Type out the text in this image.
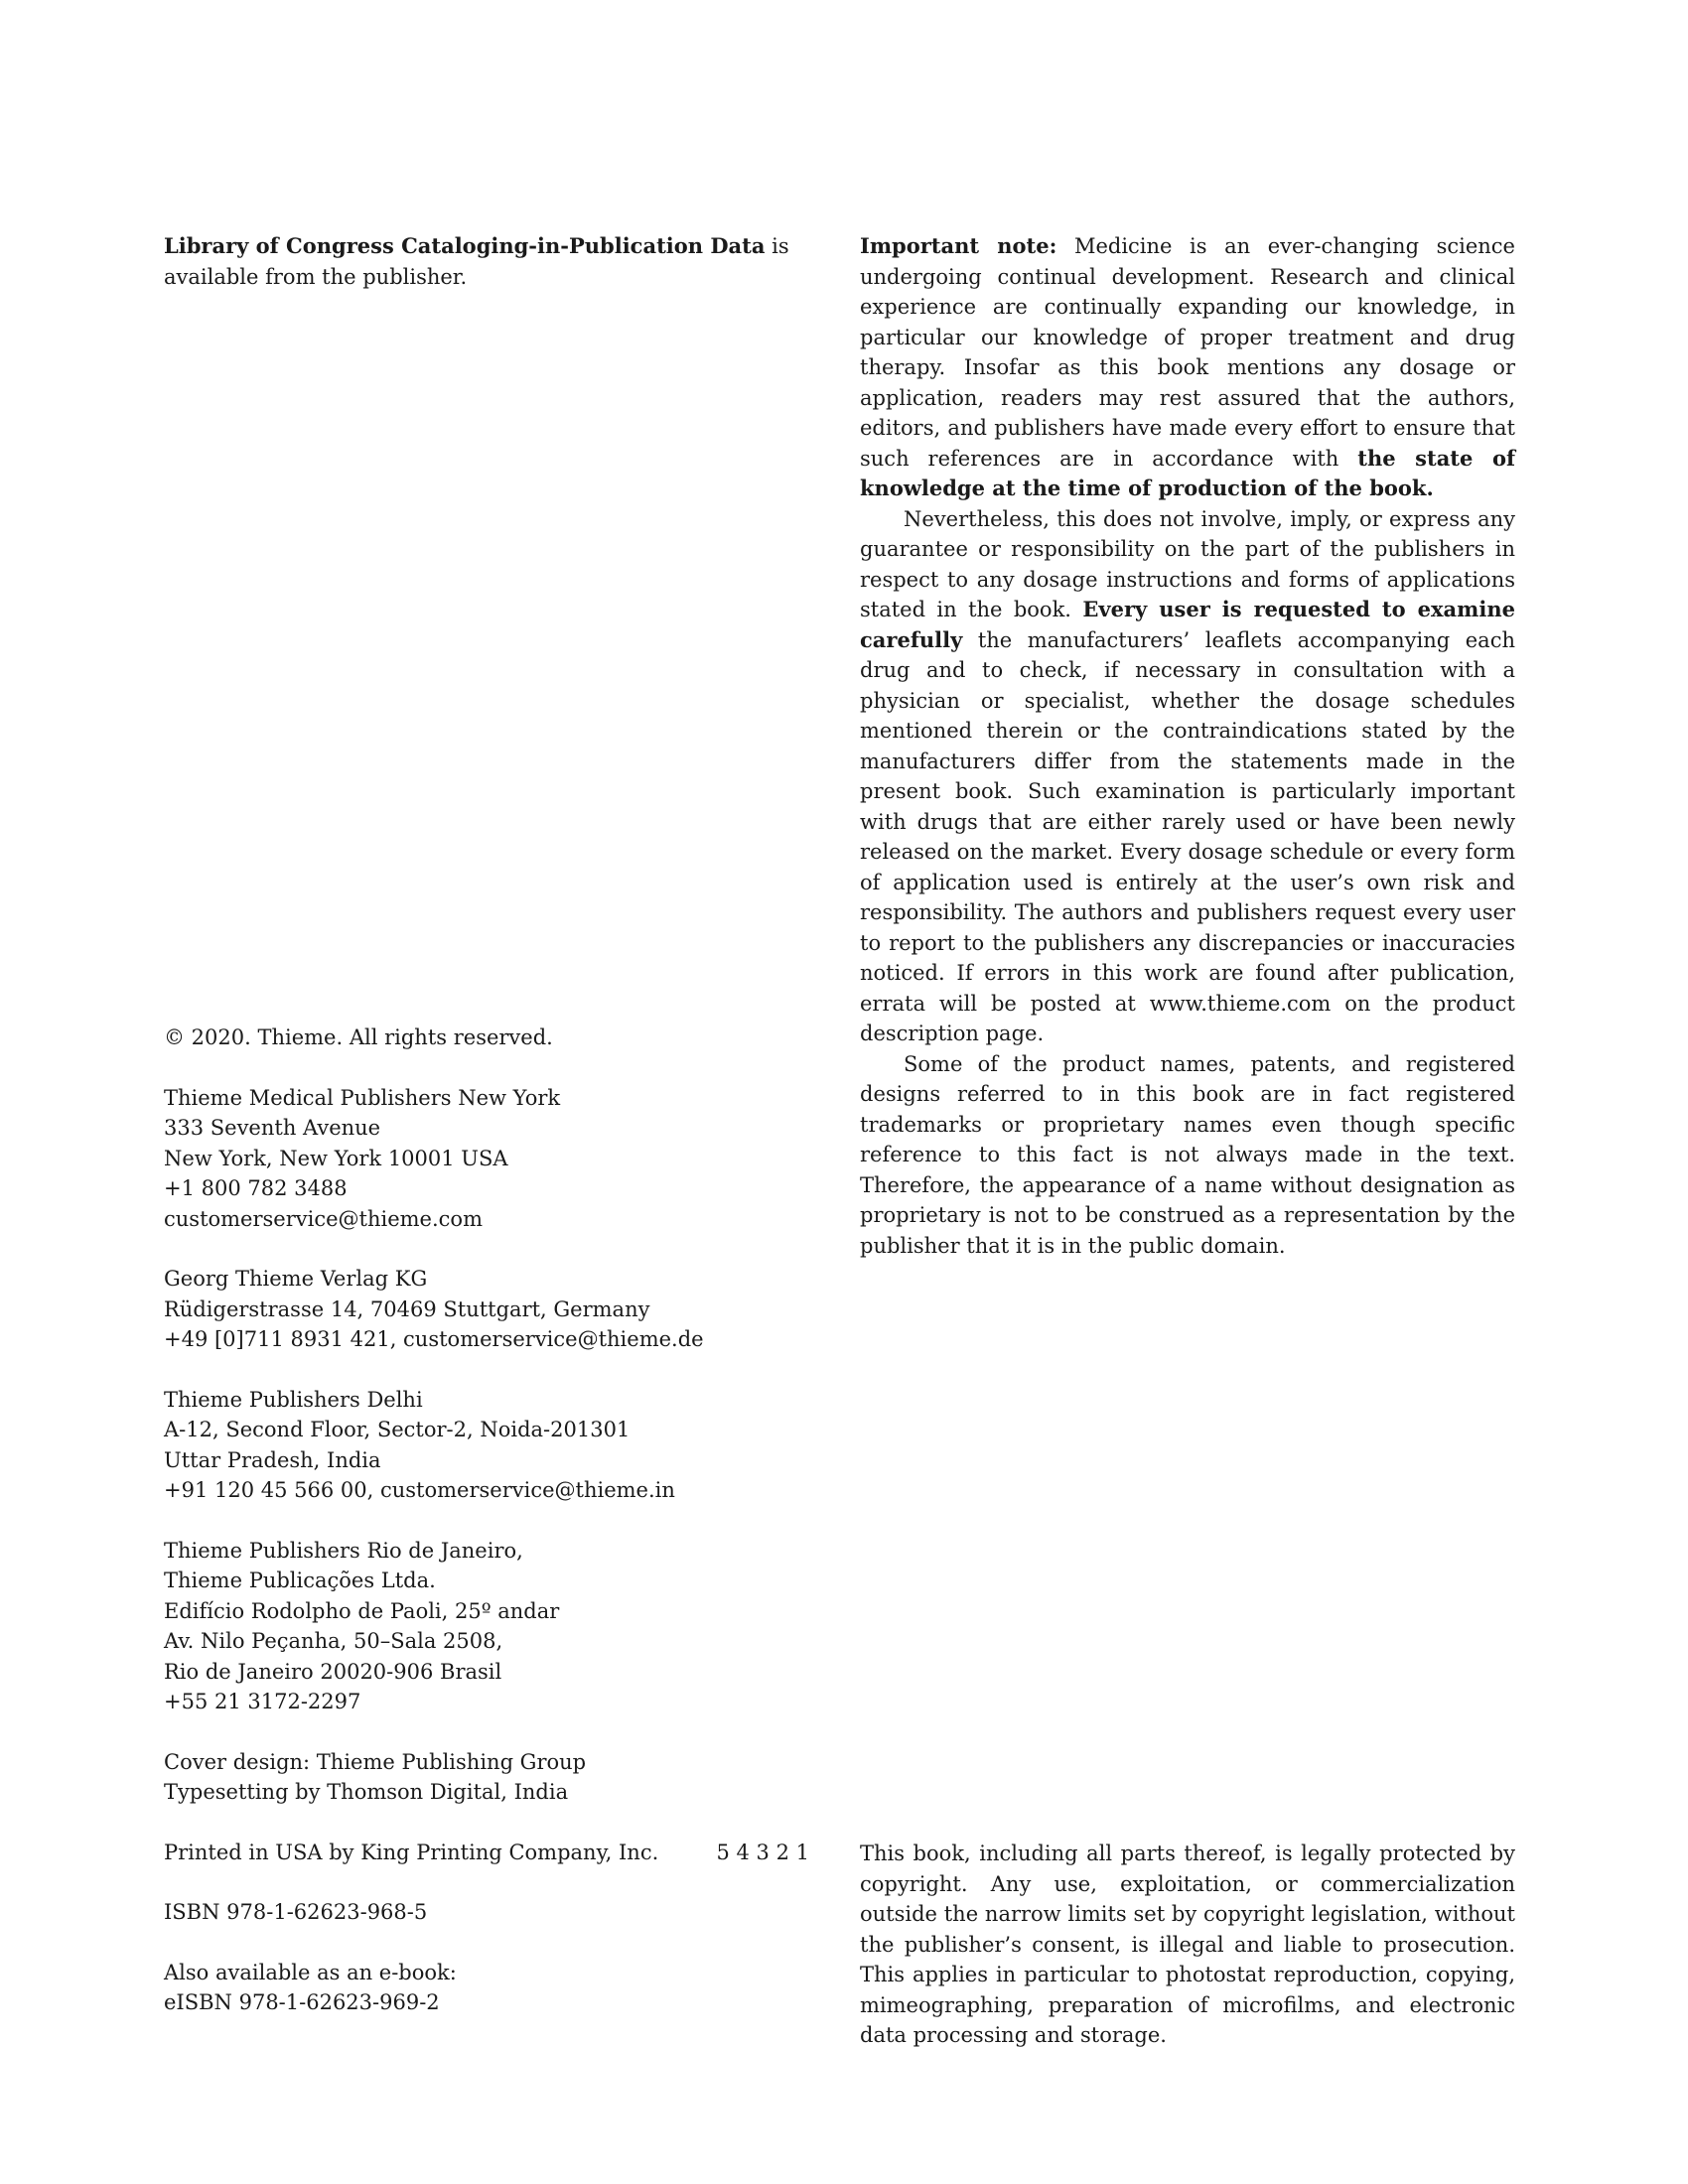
Library of Congress Cataloging-in-Publication Data is available from the publisher.

Important note: Medicine is an ever-changing science undergoing continual development. Research and clinical experience are continually expanding our knowledge, in particular our knowledge of proper treatment and drug therapy. Insofar as this book mentions any dosage or application, readers may rest assured that the authors, editors, and publishers have made every effort to ensure that such references are in accordance with the state of knowledge at the time of production of the book.

Nevertheless, this does not involve, imply, or express any guarantee or responsibility on the part of the publishers in respect to any dosage instructions and forms of applications stated in the book. Every user is requested to examine carefully the manufacturers’ leaflets accompanying each drug and to check, if necessary in consultation with a physician or specialist, whether the dosage schedules mentioned therein or the contraindications stated by the manufacturers differ from the statements made in the present book. Such examination is particularly important with drugs that are either rarely used or have been newly released on the market. Every dosage schedule or every form of application used is entirely at the user’s own risk and responsibility. The authors and publishers request every user to report to the publishers any discrepancies or inaccuracies noticed. If errors in this work are found after publication, errata will be posted at www.thieme.com on the product description page.

Some of the product names, patents, and registered designs referred to in this book are in fact registered trademarks or proprietary names even though specific reference to this fact is not always made in the text. Therefore, the appearance of a name without designation as proprietary is not to be construed as a representation by the publisher that it is in the public domain.

© 2020. Thieme. All rights reserved.

Thieme Medical Publishers New York
333 Seventh Avenue
New York, New York 10001 USA
+1 800 782 3488
customerservice@thieme.com
Georg Thieme Verlag KG
Rüdigerstrasse 14, 70469 Stuttgart, Germany
+49 [0]711 8931 421, customerservice@thieme.de
Thieme Publishers Delhi
A-12, Second Floor, Sector-2, Noida-201301
Uttar Pradesh, India
+91 120 45 566 00, customerservice@thieme.in
Thieme Publishers Rio de Janeiro,
Thieme Publicações Ltda.
Edifício Rodolpho de Paoli, 25º andar
Av. Nilo Peçanha, 50–Sala 2508,
Rio de Janeiro 20020-906 Brasil
+55 21 3172-2297
Cover design: Thieme Publishing Group
Typesetting by Thomson Digital, India
Printed in USA by King Printing Company, Inc.	5 4 3 2 1

ISBN 978-1-62623-968-5

Also available as an e-book:
eISBN 978-1-62623-969-2

This book, including all parts thereof, is legally protected by copyright. Any use, exploitation, or commercialization outside the narrow limits set by copyright legislation, without the publisher’s consent, is illegal and liable to prosecution. This applies in particular to photostat reproduction, copying, mimeographing, preparation of microfilms, and electronic data processing and storage.
